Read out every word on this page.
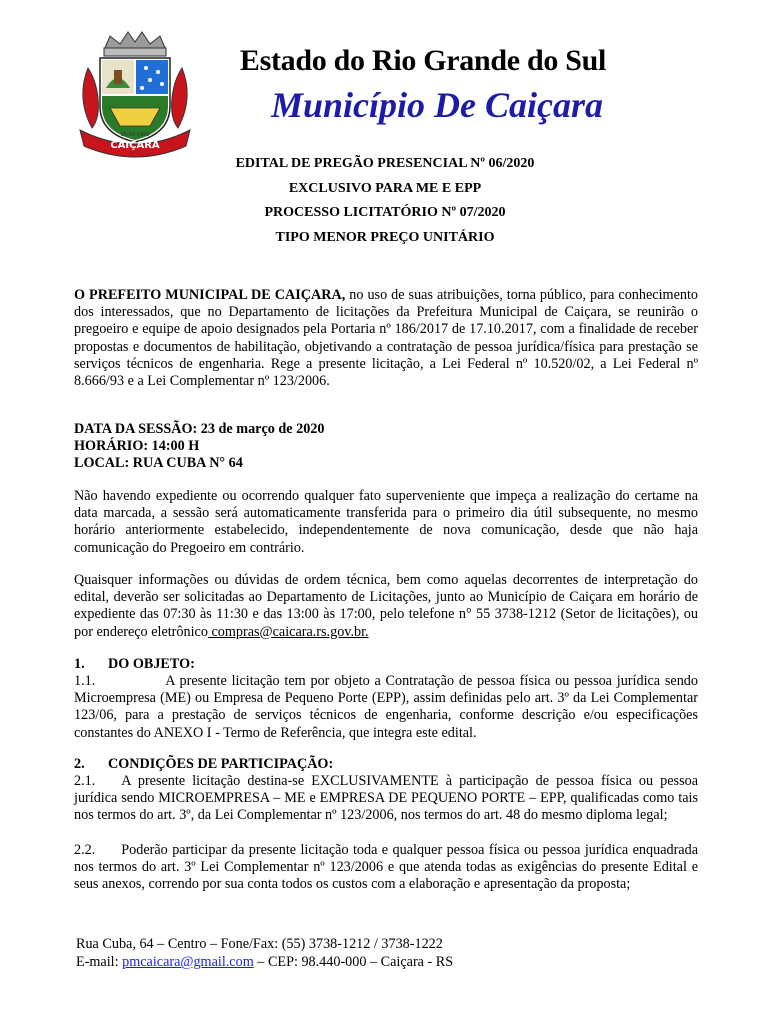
CAIÇARA
16-05-1965
Estado do Rio Grande do Sul
Município De Caiçara
EDITAL DE PREGÃO PRESENCIAL Nº 06/2020
EXCLUSIVO PARA ME E EPP
PROCESSO LICITATÓRIO Nº 07/2020
TIPO MENOR PREÇO UNITÁRIO
O PREFEITO MUNICIPAL DE CAIÇARA, no uso de suas atribuições, torna público, para conhecimento dos interessados, que no Departamento de licitações da Prefeitura Municipal de Caiçara, se reunirão o pregoeiro e equipe de apoio designados pela Portaria nº 186/2017 de 17.10.2017, com a finalidade de receber propostas e documentos de habilitação, objetivando a contratação de pessoa jurídica/física para prestação se serviços técnicos de engenharia. Rege a presente licitação, a Lei Federal nº 10.520/02, a Lei Federal nº 8.666/93 e a Lei Complementar nº 123/2006.
DATA DA SESSÃO: 23 de março de 2020
HORÁRIO: 14:00 H
LOCAL: RUA CUBA N° 64
Não havendo expediente ou ocorrendo qualquer fato superveniente que impeça a realização do certame na data marcada, a sessão será automaticamente transferida para o primeiro dia útil subsequente, no mesmo horário anteriormente estabelecido, independentemente de nova comunicação, desde que não haja comunicação do Pregoeiro em contrário.
Quaisquer informações ou dúvidas de ordem técnica, bem como aquelas decorrentes de interpretação do edital, deverão ser solicitadas ao Departamento de Licitações, junto ao Município de Caiçara em horário de expediente das 07:30 às 11:30 e das 13:00 às 17:00, pelo telefone n° 55 3738-1212 (Setor de licitações), ou por endereço eletrônico compras@caicara.rs.gov.br.
1. DO OBJETO:
1.1.	A presente licitação tem por objeto a Contratação de pessoa física ou pessoa jurídica sendo Microempresa (ME) ou Empresa de Pequeno Porte (EPP), assim definidas pelo art. 3º da Lei Complementar 123/06, para a prestação de serviços técnicos de engenharia, conforme descrição e/ou especificações constantes do ANEXO I - Termo de Referência, que integra este edital.
2. CONDIÇÕES DE PARTICIPAÇÃO:
2.1. A presente licitação destina-se EXCLUSIVAMENTE à participação de pessoa física ou pessoa jurídica sendo MICROEMPRESA – ME e EMPRESA DE PEQUENO PORTE – EPP, qualificadas como tais nos termos do art. 3º, da Lei Complementar nº 123/2006, nos termos do art. 48 do mesmo diploma legal;
2.2. Poderão participar da presente licitação toda e qualquer pessoa física ou pessoa jurídica enquadrada nos termos do art. 3º Lei Complementar nº 123/2006 e que atenda todas as exigências do presente Edital e seus anexos, correndo por sua conta todos os custos com a elaboração e apresentação da proposta;
Rua Cuba, 64 – Centro – Fone/Fax: (55) 3738-1212 / 3738-1222
E-mail: pmcaicara@gmail.com – CEP: 98.440-000 – Caiçara - RS
